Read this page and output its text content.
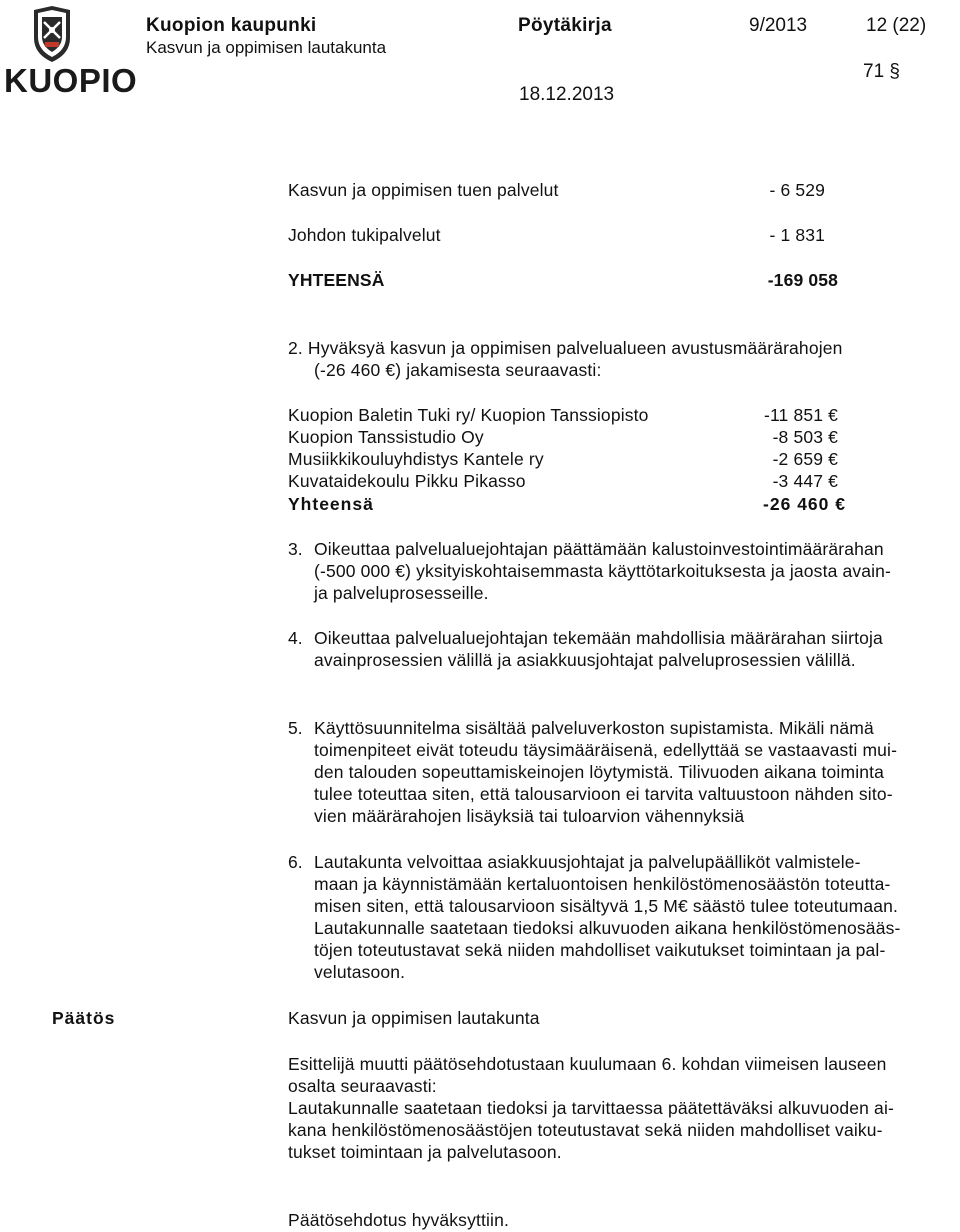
KUOPIO
Kuopion kaupunki
Kasvun ja oppimisen lautakunta
Pöytäkirja	9/2013	12 (22)
71 §
18.12.2013
Kasvun ja oppimisen tuen palvelut	- 6 529
Johdon tukipalvelut	- 1 831
YHTEENSÄ	-169 058
2. Hyväksyä kasvun ja oppimisen palvelualueen avustusmäärärahojen
(-26 460 €) jakamisesta seuraavasti:
Kuopion Baletin Tuki ry/ Kuopion Tanssiopisto	-11 851 €
Kuopion Tanssistudio Oy	-8 503 €
Musiikkikouluyhdistys Kantele ry	-2 659 €
Kuvataidekoulu Pikku Pikasso	-3 447 €
Yhteensä	-26 460 €
3. Oikeuttaa palvelualuejohtajan päättämään kalustoinvestointimäärärahan
(-500 000 €) yksityiskohtaisemmasta käyttötarkoituksesta ja jaosta avain-
ja palveluprosesseille.
4. Oikeuttaa palvelualuejohtajan tekemään mahdollisia määrärahan siirtoja
avainprosessien välillä ja asiakkuusjohtajat palveluprosessien välillä.
5. Käyttösuunnitelma sisältää palveluverkoston supistamista. Mikäli nämä
toimenpiteet eivät toteudu täysimääräisenä, edellyttää se vastaavasti mui-
den talouden sopeuttamiskeinojen löytymistä. Tilivuoden aikana toiminta
tulee toteuttaa siten, että talousarvioon ei tarvita valtuustoon nähden sito-
vien määrärahojen lisäyksiä tai tuloarvion vähennyksiä
6. Lautakunta velvoittaa asiakkuusjohtajat ja palvelupäälliköt valmistele-
maan ja käynnistämään kertaluontoisen henkilöstömenosäästön toteutta-
misen siten, että talousarvioon sisältyvä 1,5 M€ säästö tulee toteutumaan.
Lautakunnalle saatetaan tiedoksi alkuvuoden aikana henkilöstömenosääs-
töjen toteutustavat sekä niiden mahdolliset vaikutukset toimintaan ja pal-
velutasoon.
Päätös	Kasvun ja oppimisen lautakunta
Esittelijä muutti päätösehdotustaan kuulumaan 6. kohdan viimeisen lauseen
osalta seuraavasti:
Lautakunnalle saatetaan tiedoksi ja tarvittaessa päätettäväksi alkuvuoden ai-
kana henkilöstömenosäästöjen toteutustavat sekä niiden mahdolliset vaiku-
tukset toimintaan ja palvelutasoon.
Päätösehdotus hyväksyttiin.
